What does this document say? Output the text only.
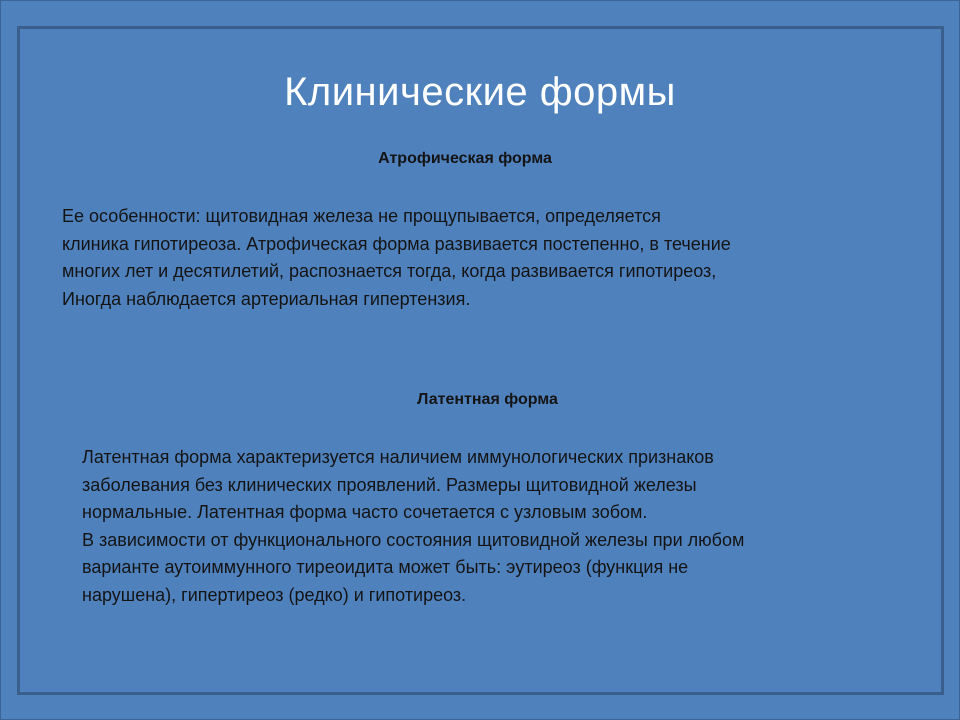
Клинические формы
Атрофическая форма
Ее особенности: щитовидная железа не прощупывается, определяется
клиника гипотиреоза. Атрофическая форма развивается постепенно, в течение
многих лет и десятилетий, распознается тогда, когда развивается гипотиреоз,
Иногда наблюдается артериальная гипертензия.
Латентная форма
Латентная форма характеризуется наличием иммунологических признаков
заболевания без клинических проявлений. Размеры щитовидной железы
нормальные. Латентная форма часто сочетается с узловым зобом.
В зависимости от функционального состояния щитовидной железы при любом
варианте аутоиммунного тиреоидита может быть: эутиреоз (функция не
нарушена), гипертиреоз (редко) и гипотиреоз.
